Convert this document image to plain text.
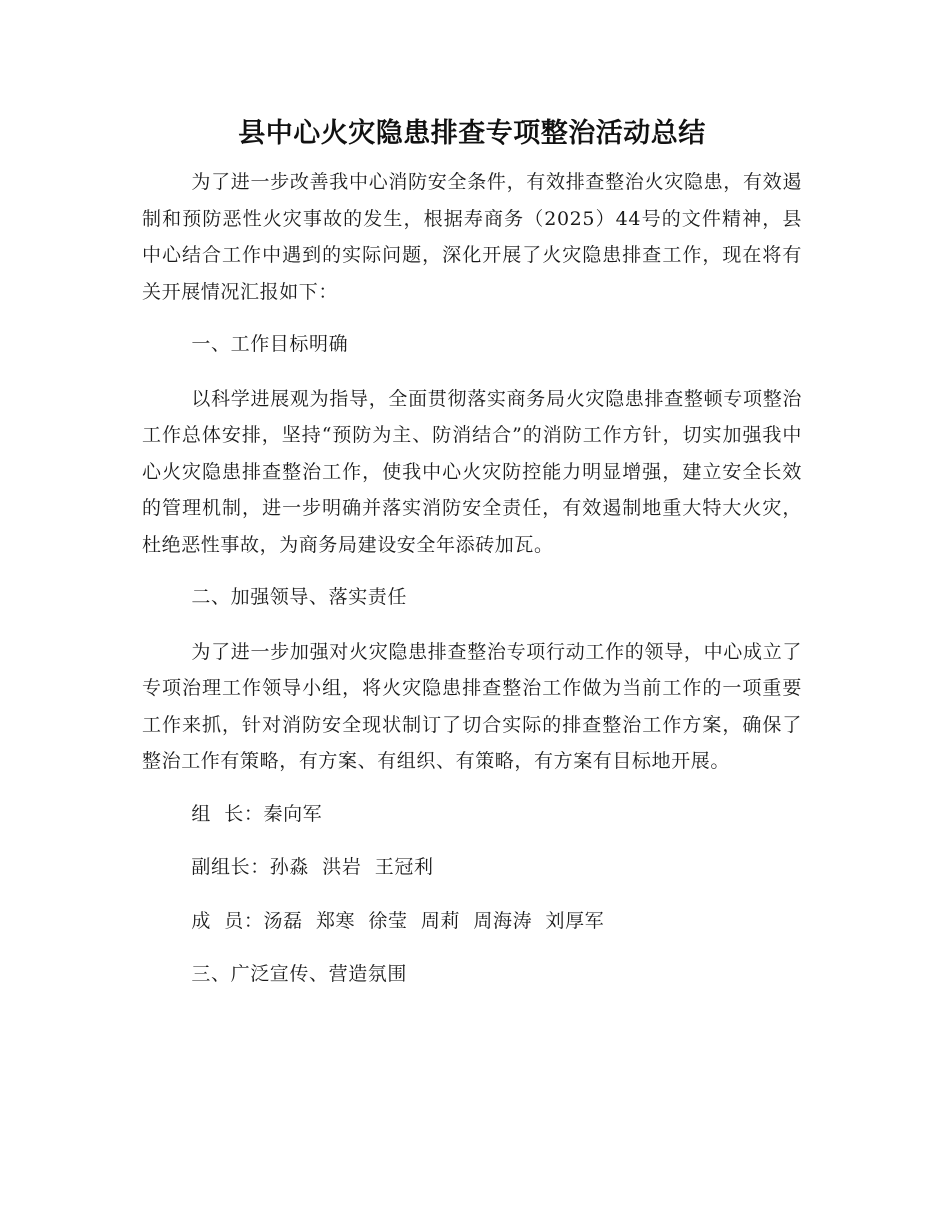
县中心火灾隐患排查专项整治活动总结

为了进一步改善我中心消防安全条件，有效排查整治火灾隐患，有效遏制和预防恶性火灾事故的发生，根据寿商务（2025）44号的文件精神，县中心结合工作中遇到的实际问题，深化开展了火灾隐患排查工作，现在将有关开展情况汇报如下：

一、工作目标明确

以科学进展观为指导，全面贯彻落实商务局火灾隐患排查整顿专项整治工作总体安排，坚持“预防为主、防消结合”的消防工作方针，切实加强我中心火灾隐患排查整治工作，使我中心火灾防控能力明显增强，建立安全长效的管理机制，进一步明确并落实消防安全责任，有效遏制地重大特大火灾，杜绝恶性事故，为商务局建设安全年添砖加瓦。

二、加强领导、落实责任

为了进一步加强对火灾隐患排查整治专项行动工作的领导，中心成立了专项治理工作领导小组，将火灾隐患排查整治工作做为当前工作的一项重要工作来抓，针对消防安全现状制订了切合实际的排查整治工作方案，确保了整治工作有策略，有方案、有组织、有策略，有方案有目标地开展。

组  长：秦向军

副组长：孙淼  洪岩  王冠利

成  员：汤磊  郑寒  徐莹  周莉  周海涛  刘厚军

三、广泛宣传、营造氛围
